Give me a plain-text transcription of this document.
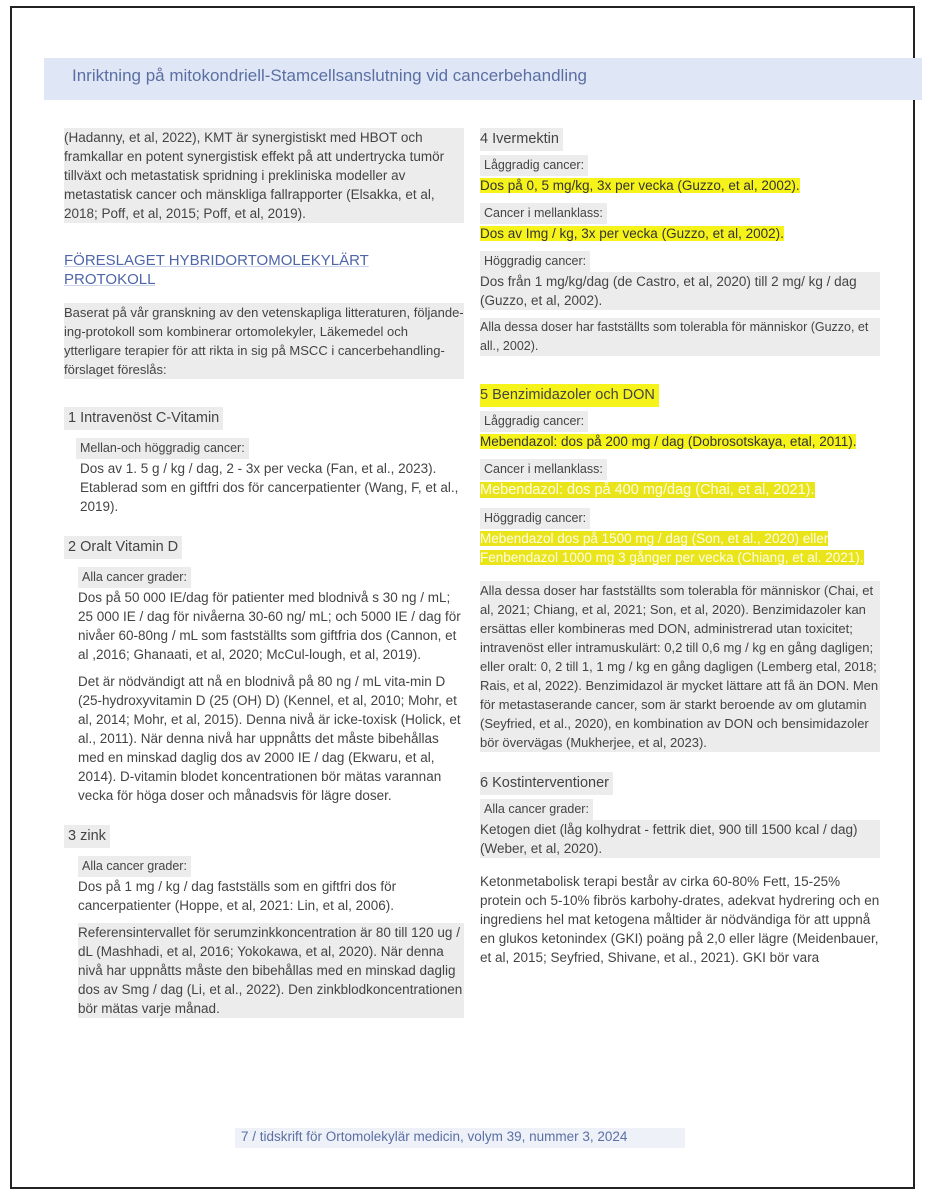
Inriktning på mitokondriell-Stamcellsanslutning vid cancerbehandling

(Hadanny, et al, 2022), KMT är synergistiskt med HBOT och framkallar en potent synergistisk effekt på att undertrycka tumör tillväxt och metastatisk spridning i prekliniska modeller av metastatisk cancer och mänskliga fallrapporter (Elsakka, et al, 2018; Poff, et al, 2015; Poff, et al, 2019).

FÖRESLAGET HYBRIDORTOMOLEKYLÄRT PROTOKOLL

Baserat på vår granskning av den vetenskapliga litteraturen, följande-ing-protokoll som kombinerar ortomolekyler, Läkemedel och ytterligare terapier för att rikta in sig på MSCC i cancerbehandling-förslaget föreslås:

1 Intravenöst C-Vitamin

Mellan-och höggradig cancer:

Dos av 1. 5 g / kg / dag, 2 - 3x per vecka (Fan, et al., 2023). Etablerad som en giftfri dos för cancerpatienter (Wang, F, et al., 2019).

2 Oralt Vitamin D

Alla cancer grader:

Dos på 50 000 IE/dag för patienter med blodnivå s 30 ng / mL; 25 000 IE / dag för nivåerna 30-60 ng/ mL; och 5000 IE / dag för nivåer 60-80ng / mL som fastställts som giftfria dos (Cannon, et al ,2016; Ghanaati, et al, 2020; McCul-lough, et al, 2019).

Det är nödvändigt att nå en blodnivå på 80 ng / mL vita-min D (25-hydroxyvitamin D (25 (OH) D) (Kennel, et al, 2010; Mohr, et al, 2014; Mohr, et al, 2015). Denna nivå är icke-toxisk (Holick, et al., 2011). När denna nivå har uppnåtts det måste bibehållas med en minskad daglig dos av 2000 IE / dag (Ekwaru, et al, 2014). D-vitamin blodet koncentrationen bör mätas varannan vecka för höga doser och månadsvis för lägre doser.

3 zink

Alla cancer grader:

Dos på 1 mg / kg / dag fastställs som en giftfri dos för cancerpatienter (Hoppe, et al, 2021: Lin, et al, 2006).

Referensintervallet för serumzinkkoncentration är 80 till 120 ug / dL (Mashhadi, et al, 2016; Yokokawa, et al, 2020). När denna nivå har uppnåtts måste den bibehållas med en minskad daglig dos av Smg / dag (Li, et al., 2022). Den zinkblodkoncentrationen bör mätas varje månad.

4 Ivermektin

Låggradig cancer:

Dos på 0, 5 mg/kg, 3x per vecka (Guzzo, et al, 2002).

Cancer i mellanklass:

Dos av Img / kg, 3x per vecka (Guzzo, et al, 2002).

Höggradig cancer:

Dos från 1 mg/kg/dag (de Castro, et al, 2020) till 2 mg/ kg / dag (Guzzo, et al, 2002).

Alla dessa doser har fastställts som tolerabla för människor (Guzzo, et all., 2002).

5 Benzimidazoler och DON

Låggradig cancer:

Mebendazol: dos på 200 mg / dag (Dobrosotskaya, etal, 2011).

Cancer i mellanklass:

Mebendazol: dos på 400 mg/dag (Chai, et al, 2021).

Höggradig cancer:

Mebendazol dos på 1500 mg / dag (Son, et al., 2020) eller

Fenbendazol 1000 mg 3 gånger per vecka (Chiang, et al. 2021).

Alla dessa doser har fastställts som tolerabla för människor (Chai, et al, 2021; Chiang, et al, 2021; Son, et al, 2020). Benzimidazoler kan ersättas eller kombineras med DON, administrerad utan toxicitet; intravenöst eller intramuskulärt: 0,2 till 0,6 mg / kg en gång dagligen; eller oralt: 0, 2 till 1, 1 mg / kg en gång dagligen (Lemberg etal, 2018; Rais, et al, 2022). Benzimidazol är mycket lättare att få än DON. Men för metastaserande cancer, som är starkt beroende av om glutamin (Seyfried, et al., 2020), en kombination av DON och bensimidazoler bör övervägas (Mukherjee, et al, 2023).

6 Kostinterventioner

Alla cancer grader:

Ketogen diet (låg kolhydrat - fettrik diet, 900 till 1500 kcal / dag) (Weber, et al, 2020).

Ketonmetabolisk terapi består av cirka 60-80% Fett, 15-25% protein och 5-10% fibrös karbohy-drates, adekvat hydrering och en ingrediens hel mat ketogena måltider är nödvändiga för att uppnå en glukos ketonindex (GKI) poäng på 2,0 eller lägre (Meidenbauer, et al, 2015; Seyfried, Shivane, et al., 2021). GKI bör vara

7 / tidskrift för Ortomolekylär medicin, volym 39, nummer 3, 2024
